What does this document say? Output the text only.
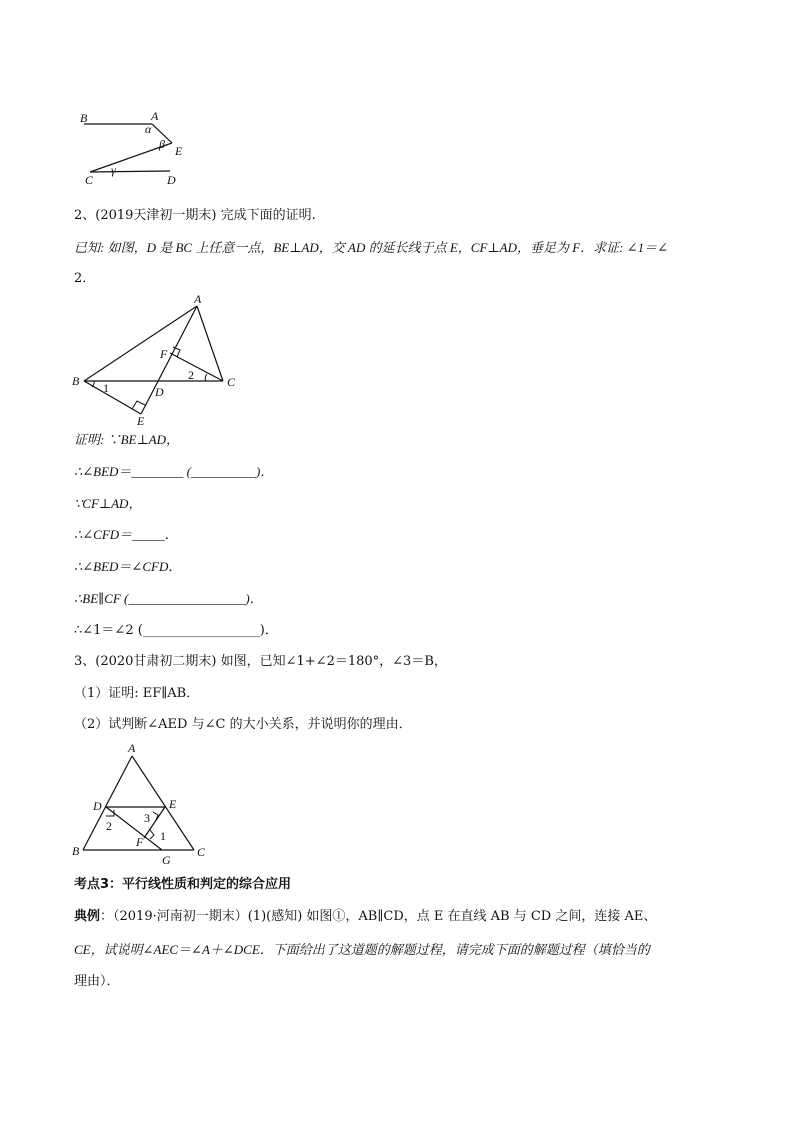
B	A
α
β E
C
γ
D
2、(2019天津初一期末) 完成下面的证明.
已知: 如图，D 是 BC 上任意一点，BE⊥AD，交 AD 的延长线于点 E，CF⊥AD，垂足为 F．求证: ∠1＝∠
2．
A
F
B 1	D
2	C
E
证明: ∵BE⊥AD，
∴∠BED＝________ (__________)．
∵CF⊥AD，
∴∠CFD＝_____．
∴∠BED＝∠CFD．
∴BE∥CF (__________________)．
∴∠1＝∠2 (__________________)．
3、(2020甘肃初二期末) 如图，已知∠1+∠2＝180°，∠3＝B，
（1）证明: EF∥AB．
（2）试判断∠AED 与∠C 的大小关系，并说明你的理由．
A
D	E
3
2
1
F
B
G
C
考点3：平行线性质和判定的综合应用
典例：（2019·河南初一期末）(1)(感知) 如图①，AB∥CD，点 E 在直线 AB 与 CD 之间，连接 AE、
CE，试说明∠AEC＝∠A＋∠DCE．下面给出了这道题的解题过程，请完成下面的解题过程（填恰当的
理由）．
